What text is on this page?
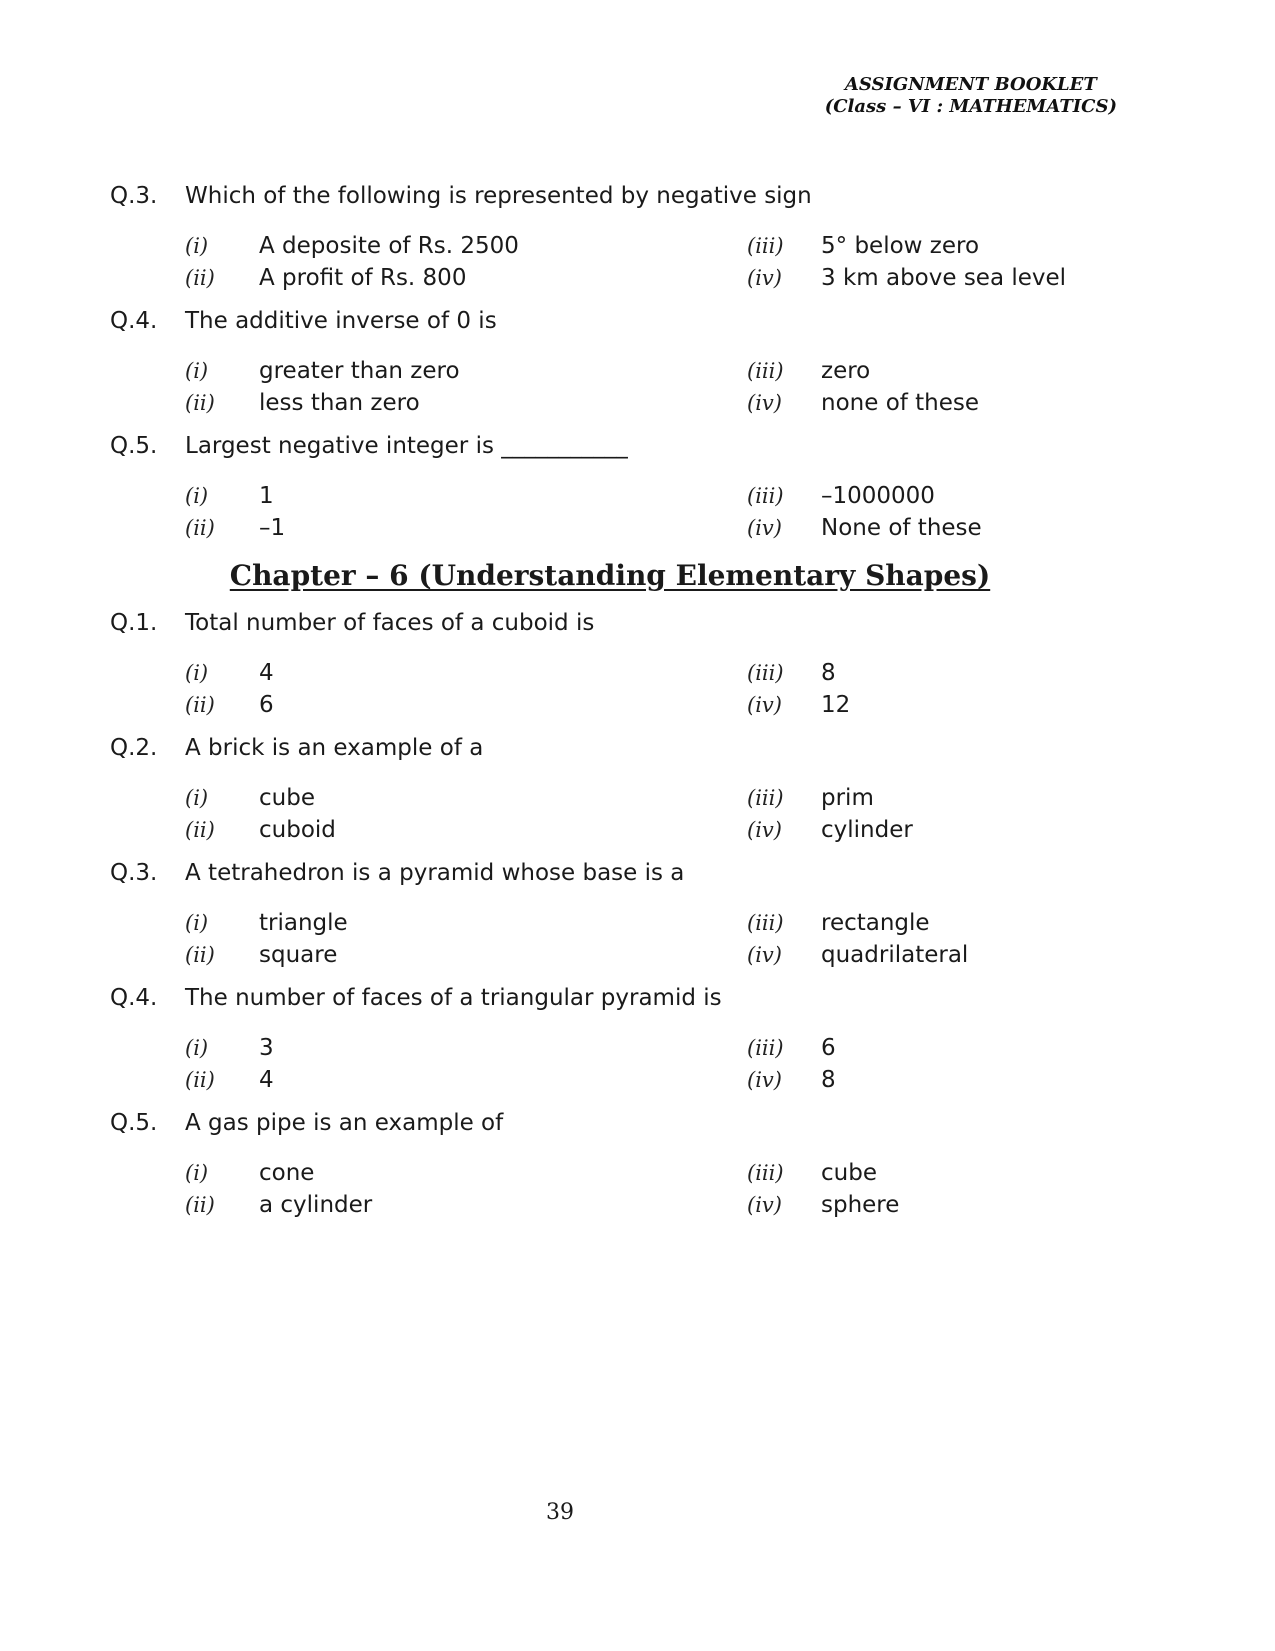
ASSIGNMENT BOOKLET
(Class – VI : MATHEMATICS)
Q.3. Which of the following is represented by negative sign
(i) A deposite of Rs. 2500
(ii) A profit of Rs. 800
(iii) 5° below zero
(iv) 3 km above sea level
Q.4. The additive inverse of 0 is
(i) greater than zero
(ii) less than zero
(iii) zero
(iv) none of these
Q.5. Largest negative integer is ___________
(i) 1
(ii) –1
(iii) –1000000
(iv) None of these
Chapter – 6 (Understanding Elementary Shapes)
Q.1. Total number of faces of a cuboid is
(i) 4
(ii) 6
(iii) 8
(iv) 12
Q.2. A brick is an example of a
(i) cube
(ii) cuboid
(iii) prim
(iv) cylinder
Q.3. A tetrahedron is a pyramid whose base is a
(i) triangle
(ii) square
(iii) rectangle
(iv) quadrilateral
Q.4. The number of faces of a triangular pyramid is
(i) 3
(ii) 4
(iii) 6
(iv) 8
Q.5. A gas pipe is an example of
(i) cone
(ii) a cylinder
(iii) cube
(iv) sphere
39
